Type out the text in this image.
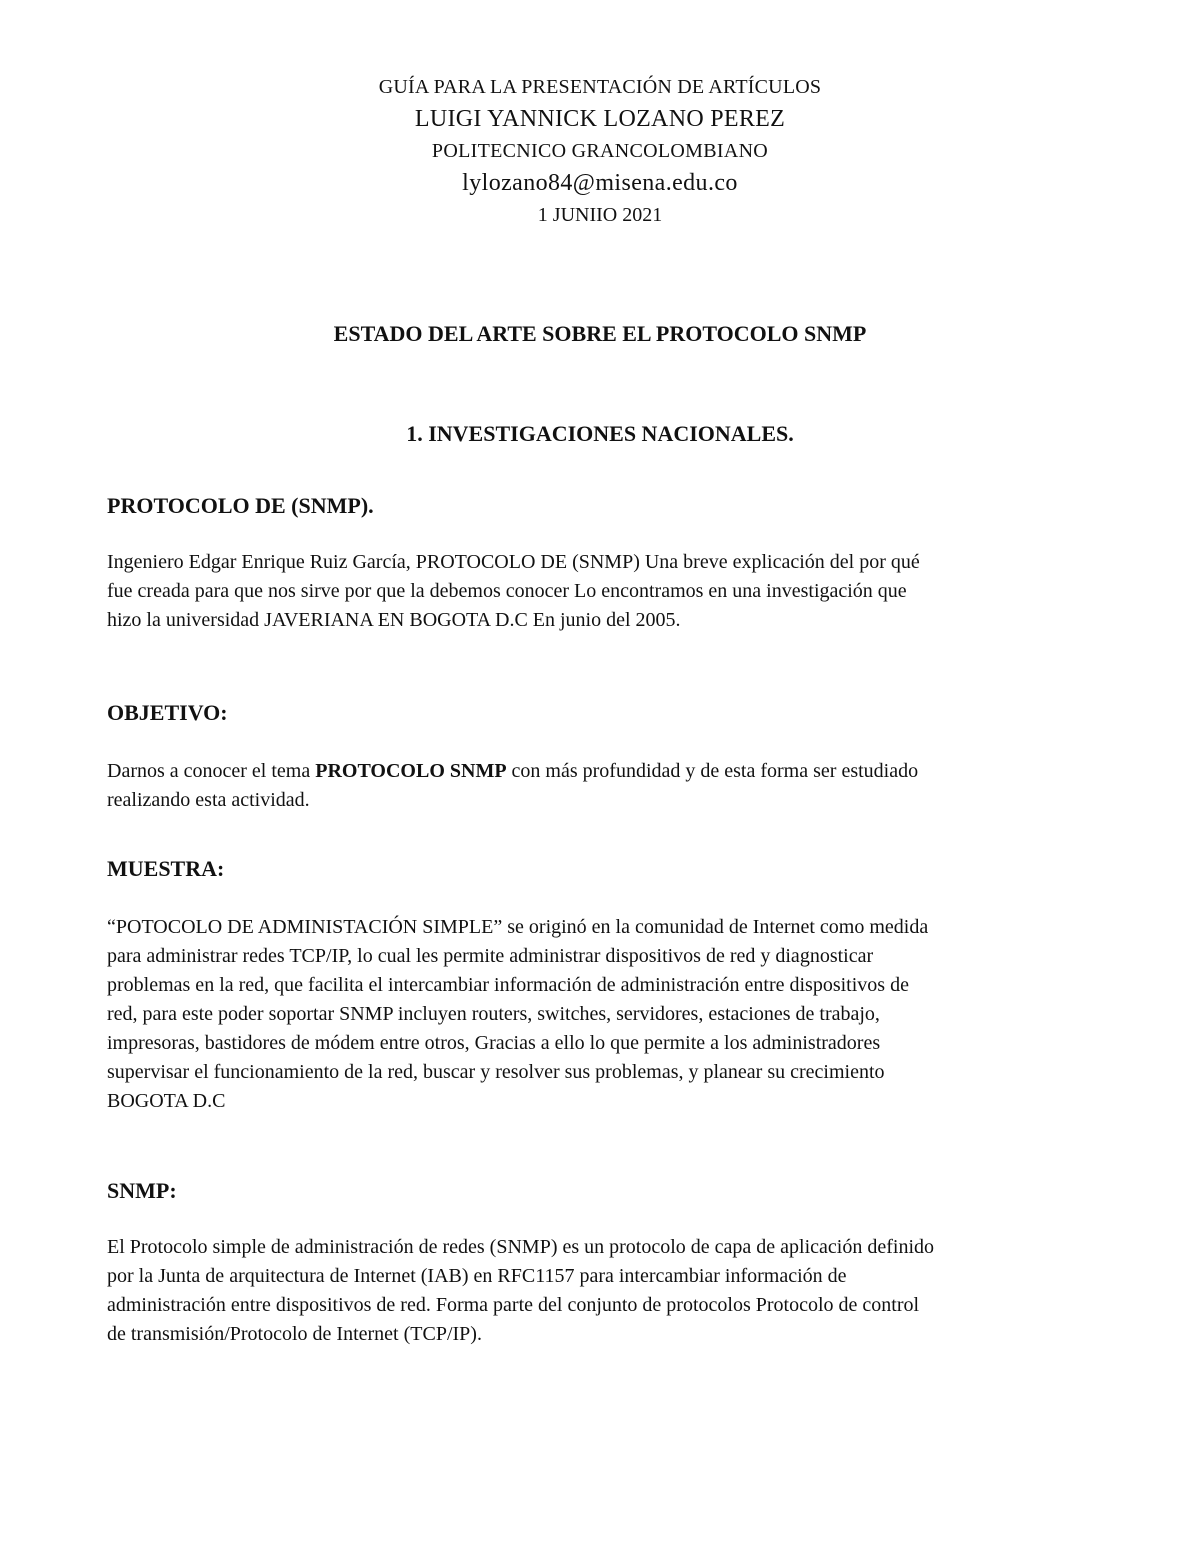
GUÍA PARA LA PRESENTACIÓN DE ARTÍCULOS
LUIGI YANNICK LOZANO PEREZ
POLITECNICO GRANCOLOMBIANO
lylozano84@misena.edu.co
1 JUNIIO 2021
ESTADO DEL ARTE SOBRE EL PROTOCOLO SNMP
1. INVESTIGACIONES NACIONALES.
PROTOCOLO DE (SNMP).

Ingeniero Edgar Enrique Ruiz García, PROTOCOLO DE (SNMP) Una breve explicación del por qué
fue creada para que nos sirve por que la debemos conocer Lo encontramos en una investigación que
hizo la universidad JAVERIANA EN BOGOTA D.C En junio del 2005.

OBJETIVO:

Darnos a conocer el tema PROTOCOLO SNMP con más profundidad y de esta forma ser estudiado
realizando esta actividad.

MUESTRA:

“POTOCOLO DE ADMINISTACIÓN SIMPLE” se originó en la comunidad de Internet como medida
para administrar redes TCP/IP, lo cual les permite administrar dispositivos de red y diagnosticar
problemas en la red, que facilita el intercambiar información de administración entre dispositivos de
red, para este poder soportar SNMP incluyen routers, switches, servidores, estaciones de trabajo,
impresoras, bastidores de módem entre otros, Gracias a ello lo que permite a los administradores
supervisar el funcionamiento de la red, buscar y resolver sus problemas, y planear su crecimiento
BOGOTA D.C

SNMP:

El Protocolo simple de administración de redes (SNMP) es un protocolo de capa de aplicación definido
por la Junta de arquitectura de Internet (IAB) en RFC1157 para intercambiar información de
administración entre dispositivos de red. Forma parte del conjunto de protocolos Protocolo de control
de transmisión/Protocolo de Internet (TCP/IP).
